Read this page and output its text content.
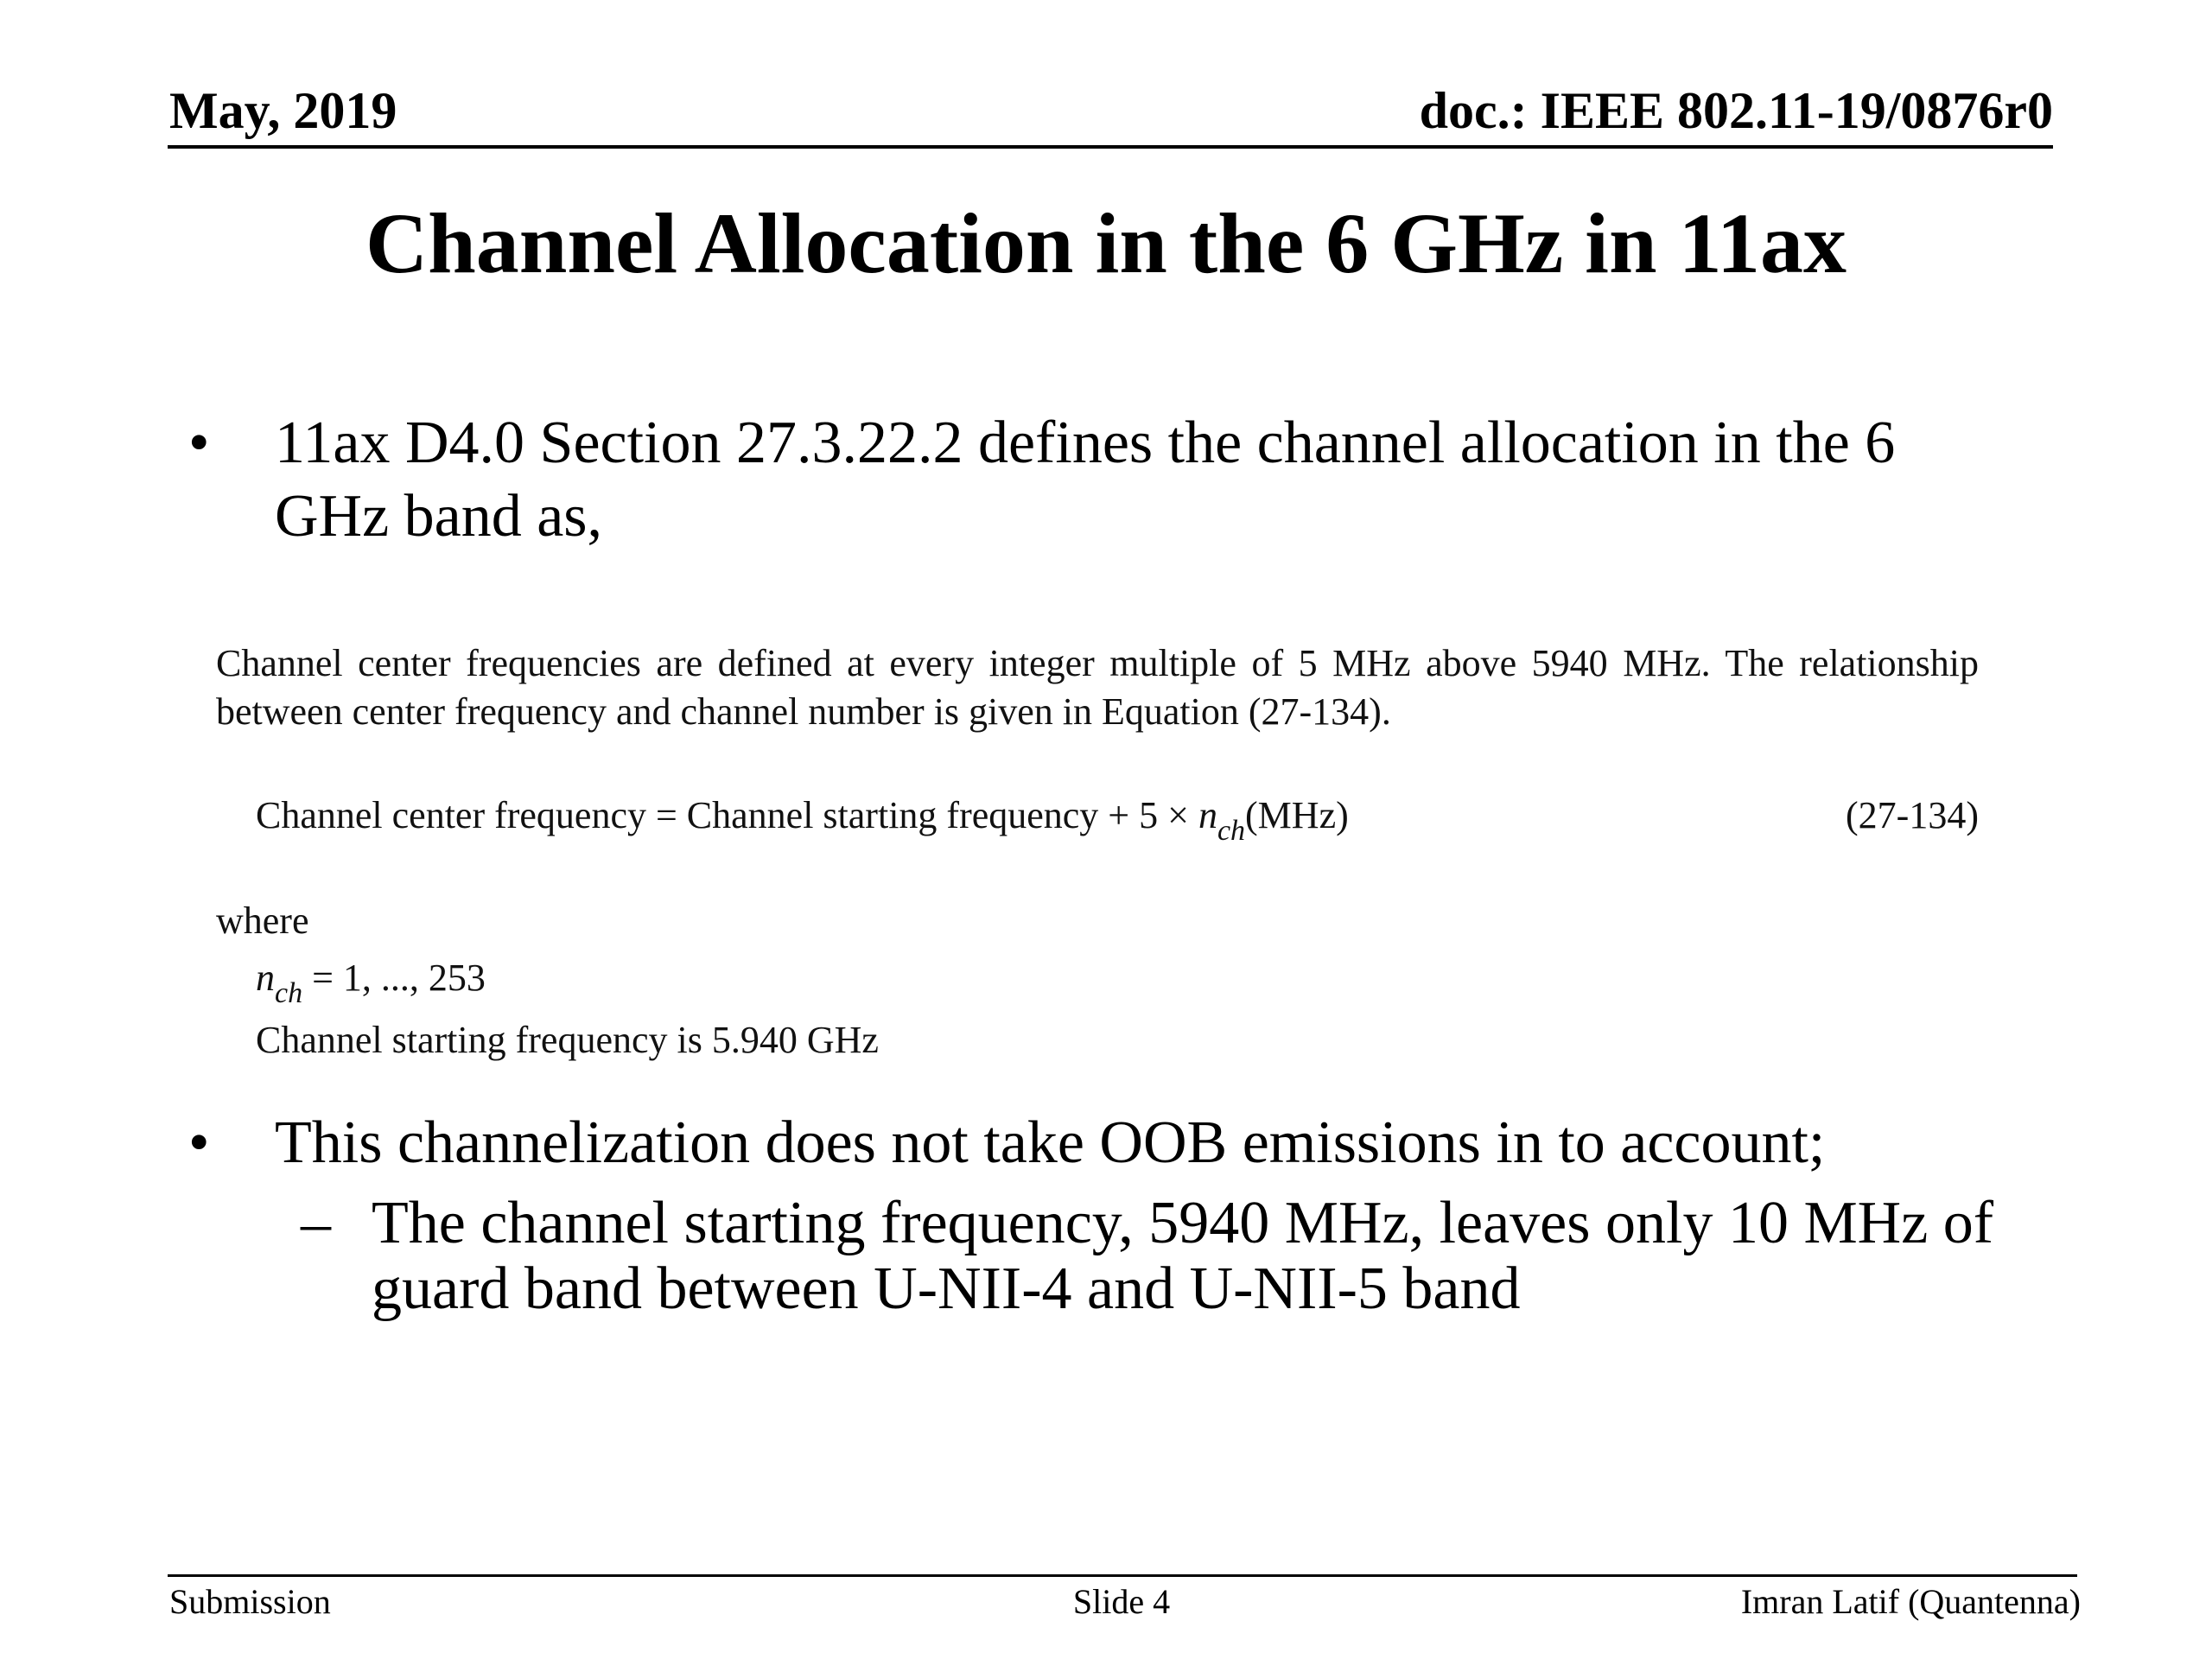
May, 2019	doc.: IEEE 802.11-19/0876r0
Channel Allocation in the 6 GHz in 11ax
• 11ax D4.0 Section 27.3.22.2 defines the channel allocation in the 6 GHz band as,
Channel center frequencies are defined at every integer multiple of 5 MHz above 5940 MHz. The relationship between center frequency and channel number is given in Equation (27-134).
Channel center frequency = Channel starting frequency + $5 \times n_{ch}(MHz)$	(27-134)
where
$n_{ch} = 1$, ..., 253
Channel starting frequency is 5.940 GHz
• This channelization does not take OOB emissions in to account;
– The channel starting frequency, 5940 MHz, leaves only 10 MHz of guard band between U-NII-4 and U-NII-5 band
Submission	Slide 4	Imran Latif (Quantenna)
